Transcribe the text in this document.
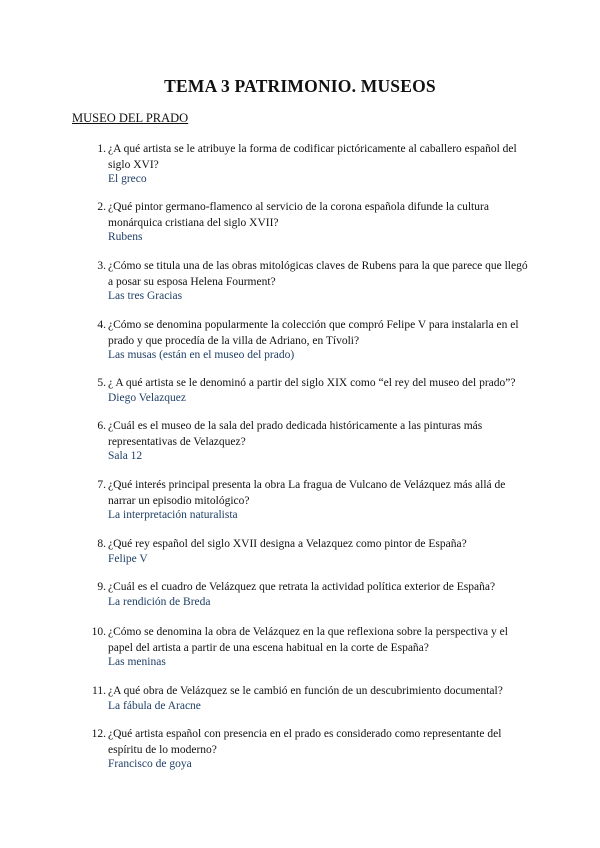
TEMA 3 PATRIMONIO. MUSEOS

MUSEO DEL PRADO

1. ¿A qué artista se le atribuye la forma de codificar pictóricamente al caballero español del siglo XVI?

El greco

2. ¿Qué pintor germano-flamenco al servicio de la corona española difunde la cultura monárquica cristiana del siglo XVII?

Rubens

3. ¿Cómo se titula una de las obras mitológicas claves de Rubens para la que parece que llegó a posar su esposa Helena Fourment?

Las tres Gracias

4. ¿Cómo se denomina popularmente la colección que compró Felipe V para instalarla en el prado y que procedía de la villa de Adriano, en Tívoli?

Las musas (están en el museo del prado)

5. ¿ A qué artista se le denominó a partir del siglo XIX como “el rey del museo del prado”?

Diego Velazquez

6. ¿Cuál es el museo de la sala del prado dedicada históricamente a las pinturas más representativas de Velazquez?

Sala 12

7. ¿Qué interés principal presenta la obra La fragua de Vulcano de Velázquez más allá de narrar un episodio mitológico?

La interpretación naturalista

8. ¿Qué rey español del siglo XVII designa a Velazquez como pintor de España?

Felipe V

9. ¿Cuál es el cuadro de Velázquez que retrata la actividad política exterior de España?

La rendición de Breda

10. ¿Cómo se denomina la obra de Velázquez en la que reflexiona sobre la perspectiva y el papel del artista a partir de una escena habitual en la corte de España?

Las meninas

11. ¿A qué obra de Velázquez se le cambió en función de un descubrimiento documental?

La fábula de Aracne

12. ¿Qué artista español con presencia en el prado es considerado como representante del espíritu de lo moderno?

Francisco de goya
